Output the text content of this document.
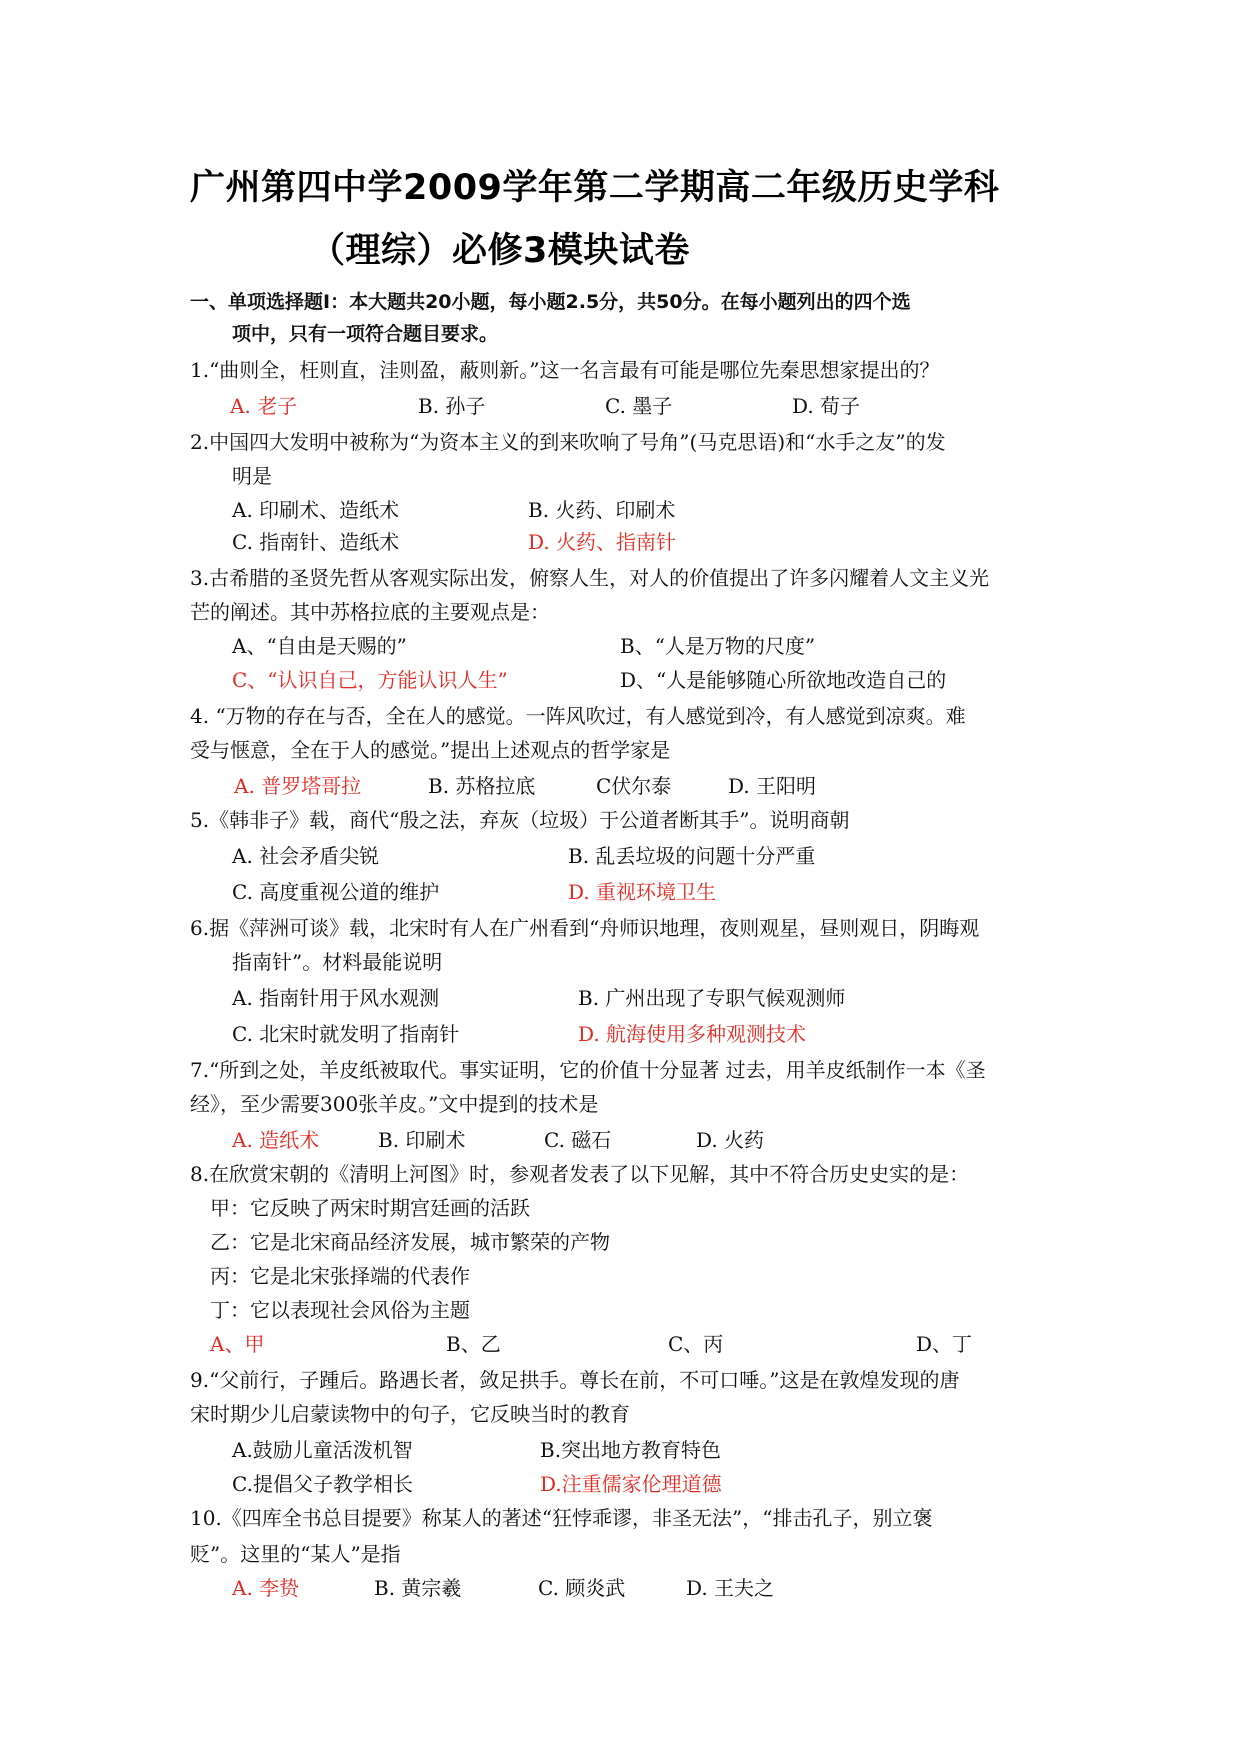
广州第四中学2009学年第二学期高二年级历史学科
（理综）必修3模块试卷
一、单项选择题Ⅰ：本大题共20小题，每小题2.5分，共50分。在每小题列出的四个选
项中，只有一项符合题目要求。
1.“曲则全，枉则直，洼则盈，蔽则新。”这一名言最有可能是哪位先秦思想家提出的？
A. 老子	B. 孙子	C. 墨子	D. 荀子
2.中国四大发明中被称为“为资本主义的到来吹响了号角”(马克思语)和“水手之友”的发
明是
A. 印刷术、造纸术	B. 火药、印刷术
C. 指南针、造纸术	D. 火药、指南针
3.古希腊的圣贤先哲从客观实际出发，俯察人生，对人的价值提出了许多闪耀着人文主义光
芒的阐述。其中苏格拉底的主要观点是：
A、“自由是天赐的”	B、“人是万物的尺度”
C、“认识自己，方能认识人生”	D、“人是能够随心所欲地改造自己的
4. “万物的存在与否，全在人的感觉。一阵风吹过，有人感觉到冷，有人感觉到凉爽。难
受与惬意，全在于人的感觉。”提出上述观点的哲学家是
A. 普罗塔哥拉	B. 苏格拉底	C伏尔泰	D. 王阳明
5.《韩非子》载，商代“殷之法，弃灰（垃圾）于公道者断其手”。说明商朝
A. 社会矛盾尖锐	B. 乱丢垃圾的问题十分严重
C. 高度重视公道的维护	D. 重视环境卫生
6.据《萍洲可谈》载，北宋时有人在广州看到“舟师识地理，夜则观星，昼则观日，阴晦观
指南针”。材料最能说明
A. 指南针用于风水观测	B. 广州出现了专职气候观测师
C. 北宋时就发明了指南针	D. 航海使用多种观测技术
7.“所到之处，羊皮纸被取代。事实证明，它的价值十分显著 过去，用羊皮纸制作一本《圣
经》，至少需要300张羊皮。”文中提到的技术是
A. 造纸术	B. 印刷术	C. 磁石	D. 火药
8.在欣赏宋朝的《清明上河图》时，参观者发表了以下见解，其中不符合历史史实的是：
甲：它反映了两宋时期宫廷画的活跃
乙：它是北宋商品经济发展，城市繁荣的产物
丙：它是北宋张择端的代表作
丁：它以表现社会风俗为主题
A、甲	B、乙	C、丙	D、丁
9.“父前行，子踵后。路遇长者，敛足拱手。尊长在前，不可口唾。”这是在敦煌发现的唐
宋时期少儿启蒙读物中的句子，它反映当时的教育
A.鼓励儿童活泼机智	B.突出地方教育特色
C.提倡父子教学相长	D.注重儒家伦理道德
10.《四库全书总目提要》称某人的著述“狂悖乖谬，非圣无法”，“排击孔子，别立褒
贬”。这里的“某人”是指
A. 李贽	B. 黄宗羲	C. 顾炎武	D. 王夫之
